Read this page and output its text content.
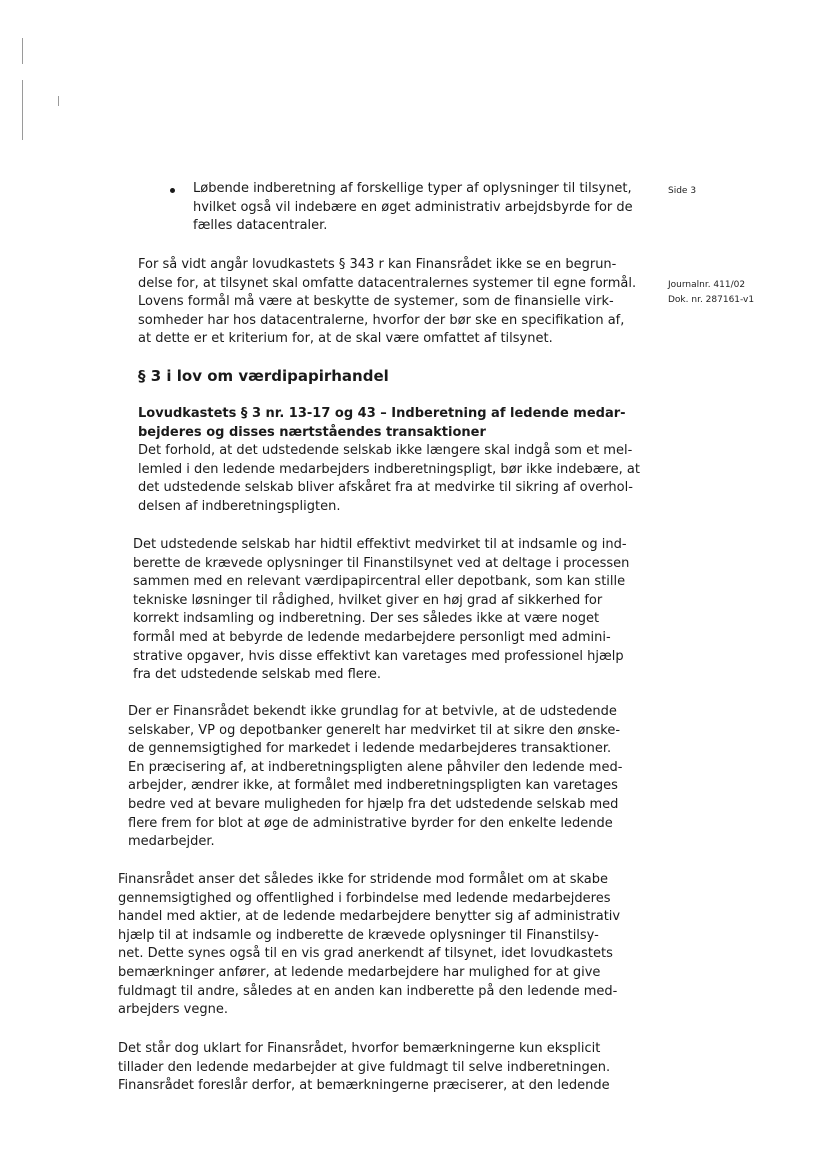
Side 3
Journalnr. 411/02
Dok. nr. 287161-v1
Løbende indberetning af forskellige typer af oplysninger til tilsynet,
hvilket også vil indebære en øget administrativ arbejdsbyrde for de
fælles datacentraler.
For så vidt angår lovudkastets § 343 r kan Finansrådet ikke se en begrun-
delse for, at tilsynet skal omfatte datacentralernes systemer til egne formål.
Lovens formål må være at beskytte de systemer, som de finansielle virk-
somheder har hos datacentralerne, hvorfor der bør ske en specifikation af,
at dette er et kriterium for, at de skal være omfattet af tilsynet.
§ 3 i lov om værdipapirhandel
Lovudkastets § 3 nr. 13-17 og 43 – Indberetning af ledende medar-
bejderes og disses nærtståendes transaktioner
Det forhold, at det udstedende selskab ikke længere skal indgå som et mel-
lemled i den ledende medarbejders indberetningspligt, bør ikke indebære, at
det udstedende selskab bliver afskåret fra at medvirke til sikring af overhol-
delsen af indberetningspligten.
Det udstedende selskab har hidtil effektivt medvirket til at indsamle og ind-
berette de krævede oplysninger til Finanstilsynet ved at deltage i processen
sammen med en relevant værdipapircentral eller depotbank, som kan stille
tekniske løsninger til rådighed, hvilket giver en høj grad af sikkerhed for
korrekt indsamling og indberetning. Der ses således ikke at være noget
formål med at bebyrde de ledende medarbejdere personligt med admini-
strative opgaver, hvis disse effektivt kan varetages med professionel hjælp
fra det udstedende selskab med flere.
Der er Finansrådet bekendt ikke grundlag for at betvivle, at de udstedende
selskaber, VP og depotbanker generelt har medvirket til at sikre den ønske-
de gennemsigtighed for markedet i ledende medarbejderes transaktioner.
En præcisering af, at indberetningspligten alene påhviler den ledende med-
arbejder, ændrer ikke, at formålet med indberetningspligten kan varetages
bedre ved at bevare muligheden for hjælp fra det udstedende selskab med
flere frem for blot at øge de administrative byrder for den enkelte ledende
medarbejder.
Finansrådet anser det således ikke for stridende mod formålet om at skabe
gennemsigtighed og offentlighed i forbindelse med ledende medarbejderes
handel med aktier, at de ledende medarbejdere benytter sig af administrativ
hjælp til at indsamle og indberette de krævede oplysninger til Finanstilsy-
net. Dette synes også til en vis grad anerkendt af tilsynet, idet lovudkastets
bemærkninger anfører, at ledende medarbejdere har mulighed for at give
fuldmagt til andre, således at en anden kan indberette på den ledende med-
arbejders vegne.
Det står dog uklart for Finansrådet, hvorfor bemærkningerne kun eksplicit
tillader den ledende medarbejder at give fuldmagt til selve indberetningen.
Finansrådet foreslår derfor, at bemærkningerne præciserer, at den ledende
